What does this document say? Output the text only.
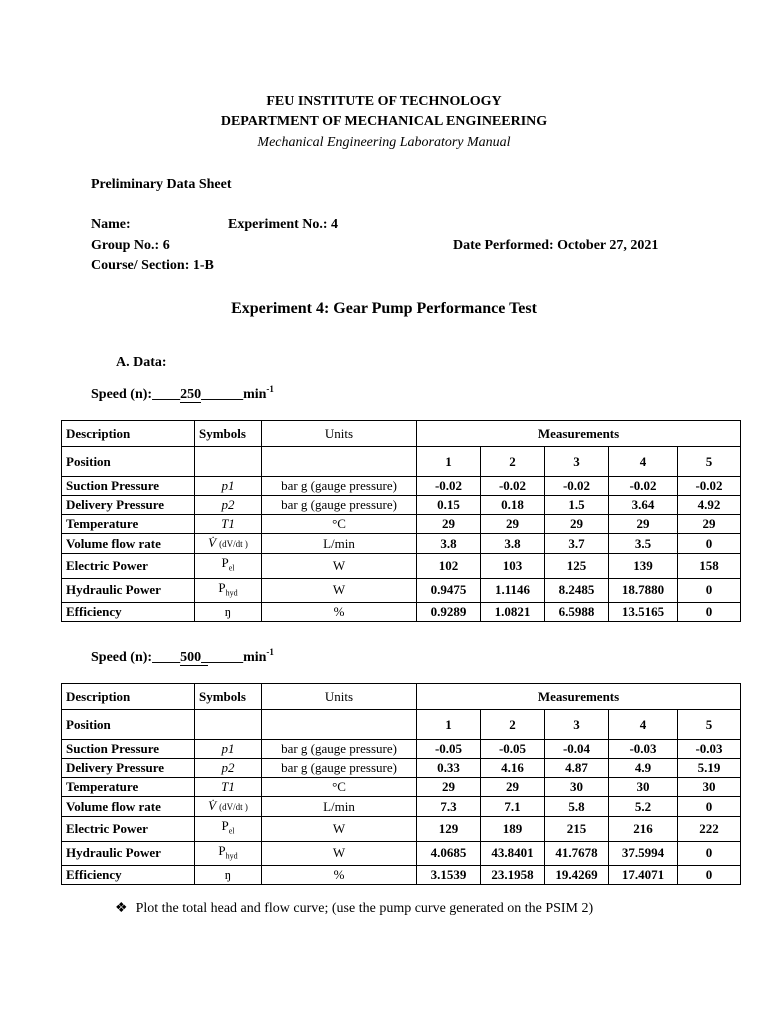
FEU INSTITUTE OF TECHNOLOGY
DEPARTMENT OF MECHANICAL ENGINEERING
Mechanical Engineering Laboratory Manual
Preliminary Data Sheet
Name:	Experiment No.: 4
Group No.: 6	Date Performed: October 27, 2021
Course/ Section: 1-B
Experiment 4: Gear Pump Performance Test
A. Data:
Speed $(n):\_\_\_\_250\_\_\_\_\_\_\min^{-1}$
Description	Symbols	Units	Measurements				
Position			1	2	3	4	5
Suction Pressure	p1	bar g (gauge pressure)	-0.02	-0.02	-0.02	-0.02	-0.02
Delivery Pressure	p2	bar g (gauge pressure)	0.15	0.18	1.5	3.64	4.92
Temperature	T1	°C	29	29	29	29	29
Volume flow rate	V̇ (dV/dt )	L/min	3.8	3.8	3.7	3.5	0
Electric Power	$P_{el}$	W	102	103	125	139	158
Hydraulic Power	$P_{hyd}$	W	0.9475	1.1146	8.2485	18.7880	0
Efficiency	ŋ	%	0.9289	1.0821	6.5988	13.5165	0
Speed $(n):\_\_\_\_500\_\_\_\_\_\_\min^{-1}$
Description	Symbols	Units	Measurements				
Position			1	2	3	4	5
Suction Pressure	p1	bar g (gauge pressure)	-0.05	-0.05	-0.04	-0.03	-0.03
Delivery Pressure	p2	bar g (gauge pressure)	0.33	4.16	4.87	4.9	5.19
Temperature	T1	°C	29	29	30	30	30
Volume flow rate	V̇ (dV/dt )	L/min	7.3	7.1	5.8	5.2	0
Electric Power	$P_{el}$	W	129	189	215	216	222
Hydraulic Power	$P_{hyd}$	W	4.0685	43.8401	41.7678	37.5994	0
Efficiency	ŋ	%	3.1539	23.1958	19.4269	17.4071	0
❖ Plot the total head and flow curve; (use the pump curve generated on the PSIM 2)
